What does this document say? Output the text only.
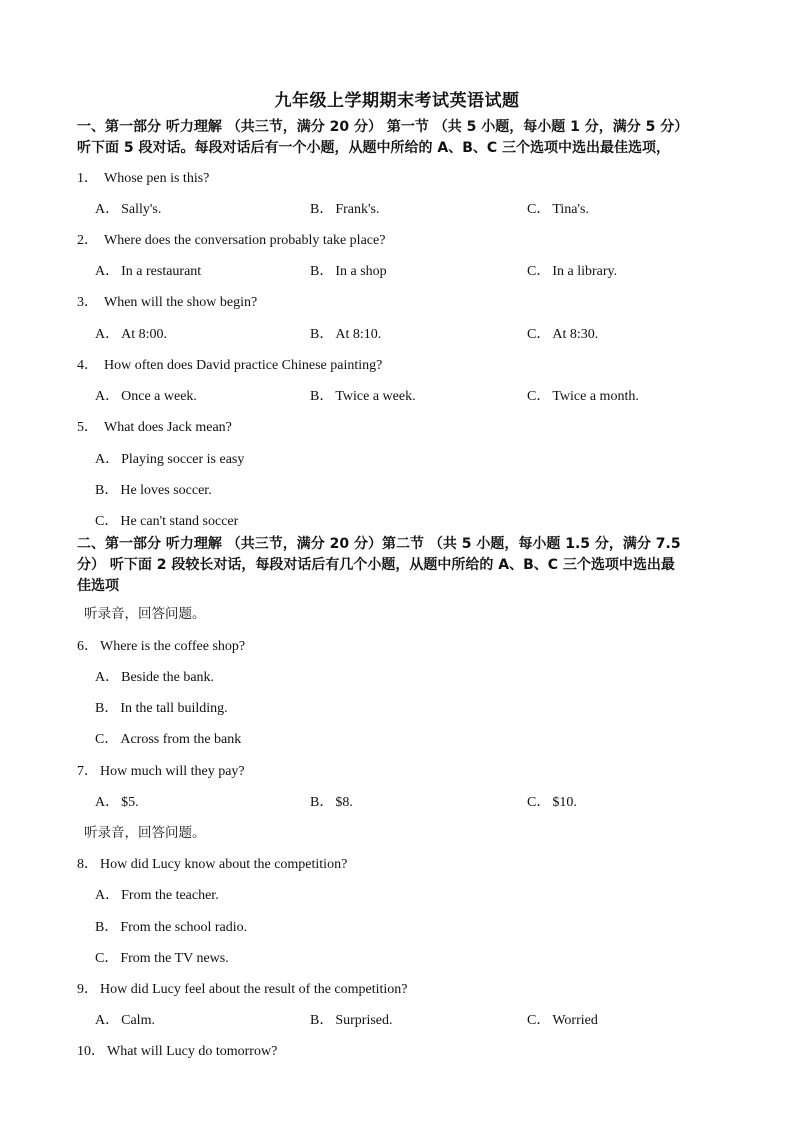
九年级上学期期末考试英语试题
一、第一部分 听力理解 （共三节，满分 20 分） 第一节 （共 5 小题，每小题 1 分，满分 5 分）
听下面 5 段对话。每段对话后有一个小题，从题中所给的 A、B、C 三个选项中选出最佳选项，
1． Whose pen is this?
A． Sally's.	B． Frank's.	C． Tina's.
2． Where does the conversation probably take place?
A． In a restaurant	B． In a shop	C． In a library.
3． When will the show begin?
A． At 8:00.	B． At 8:10.	C． At 8:30.
4． How often does David practice Chinese painting?
A． Once a week.	B． Twice a week.	C． Twice a month.
5． What does Jack mean?
A． Playing soccer is easy
B． He loves soccer.
C． He can't stand soccer
二、第一部分 听力理解 （共三节，满分 20 分）第二节 （共 5 小题，每小题 1.5 分，满分 7.5
分） 听下面 2 段较长对话，每段对话后有几个小题，从题中所给的 A、B、C 三个选项中选出最
佳选项
听录音，回答问题。
6． Where is the coffee shop?
A． Beside the bank.
B． In the tall building.
C． Across from the bank
7． How much will they pay?
A． $5.	B． $8.	C． $10.
听录音，回答问题。
8． How did Lucy know about the competition?
A． From the teacher.
B． From the school radio.
C． From the TV news.
9． How did Lucy feel about the result of the competition?
A． Calm.	B． Surprised.	C． Worried
10． What will Lucy do tomorrow?
